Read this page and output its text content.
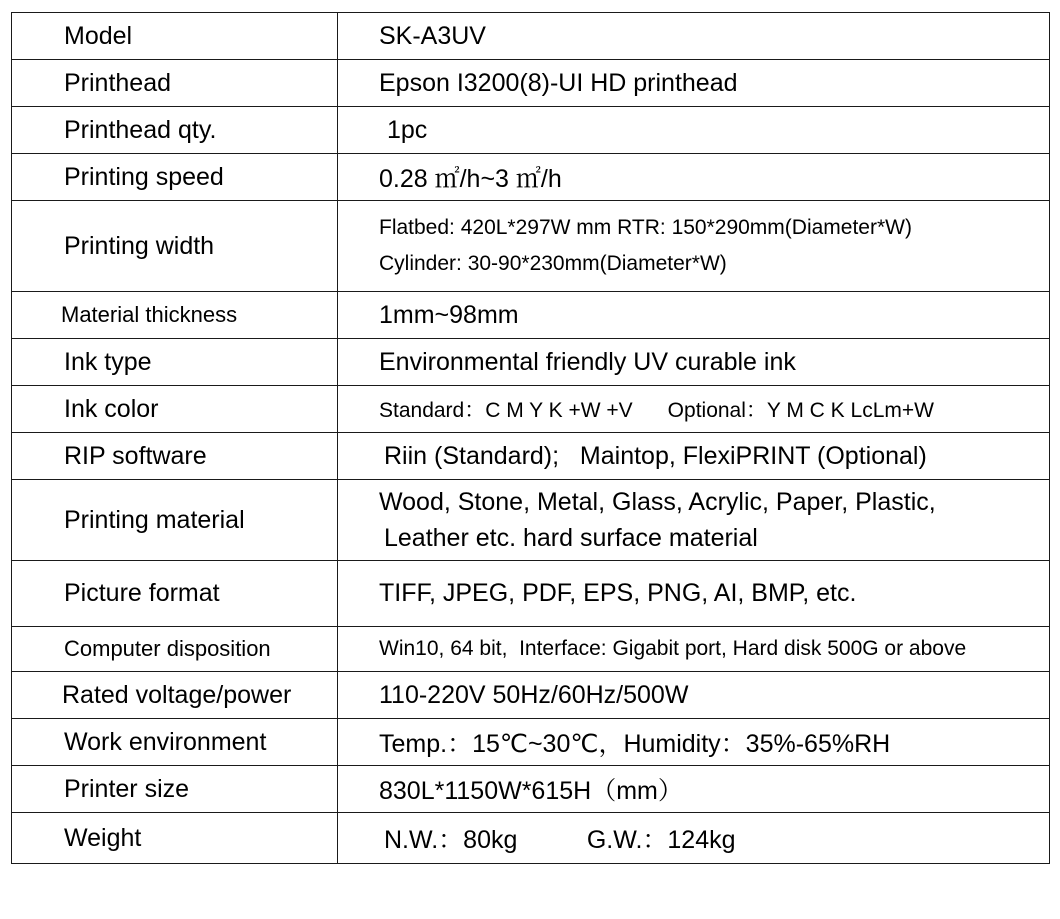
Model	SK-A3UV
Printhead	Epson I3200(8)-UI HD printhead
Printhead qty.	1pc
Printing speed	0.28 ㎡/h~3 ㎡/h
Printing width	Flatbed: 420L*297W mm RTR: 150*290mm(Diameter*W)
Cylinder: 30-90*230mm(Diameter*W)

Material thickness	1mm~98mm
Ink type	Environmental friendly UV curable ink
Ink color	Standard：C M Y K +W +V      Optional：Y M C K LcLm+W
RIP software	Riin (Standard);   Maintop, FlexiPRINT (Optional)
Printing material	Wood, Stone, Metal, Glass, Acrylic, Paper, Plastic,
Leather etc. hard surface material

Picture format	TIFF, JPEG, PDF, EPS, PNG, AI, BMP, etc.
Computer disposition	Win10, 64 bit,  Interface: Gigabit port, Hard disk 500G or above
Rated voltage/power	110-220V 50Hz/60Hz/500W
Work environment	Temp.：15℃~30℃，Humidity：35%-65%RH
Printer size	830L*1150W*615H（mm）
Weight	N.W.：80kg          G.W.：124kg
